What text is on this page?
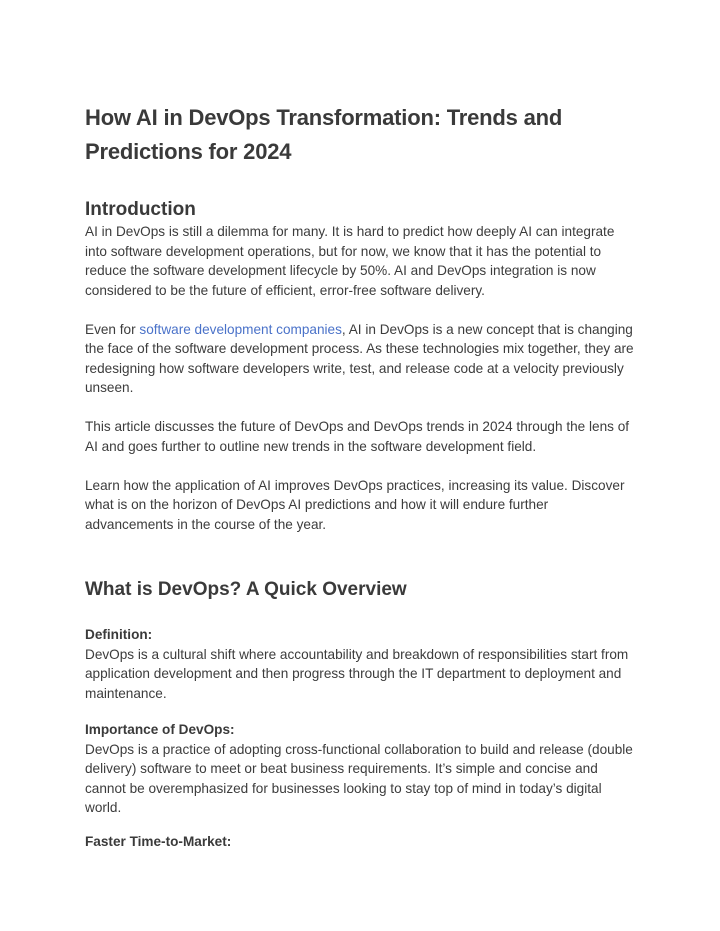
How AI in DevOps Transformation: Trends and Predictions for 2024
Introduction

AI in DevOps is still a dilemma for many. It is hard to predict how deeply AI can integrate into software development operations, but for now, we know that it has the potential to reduce the software development lifecycle by 50%. AI and DevOps integration is now considered to be the future of efficient, error-free software delivery.

Even for software development companies, AI in DevOps is a new concept that is changing the face of the software development process. As these technologies mix together, they are redesigning how software developers write, test, and release code at a velocity previously unseen.

This article discusses the future of DevOps and DevOps trends in 2024 through the lens of AI and goes further to outline new trends in the software development field.

Learn how the application of AI improves DevOps practices, increasing its value. Discover what is on the horizon of DevOps AI predictions and how it will endure further advancements in the course of the year.

What is DevOps? A Quick Overview
Definition:

DevOps is a cultural shift where accountability and breakdown of responsibilities start from application development and then progress through the IT department to deployment and maintenance.

Importance of DevOps:

DevOps is a practice of adopting cross-functional collaboration to build and release (double delivery) software to meet or beat business requirements. It’s simple and concise and cannot be overemphasized for businesses looking to stay top of mind in today’s digital world.

Faster Time-to-Market:
